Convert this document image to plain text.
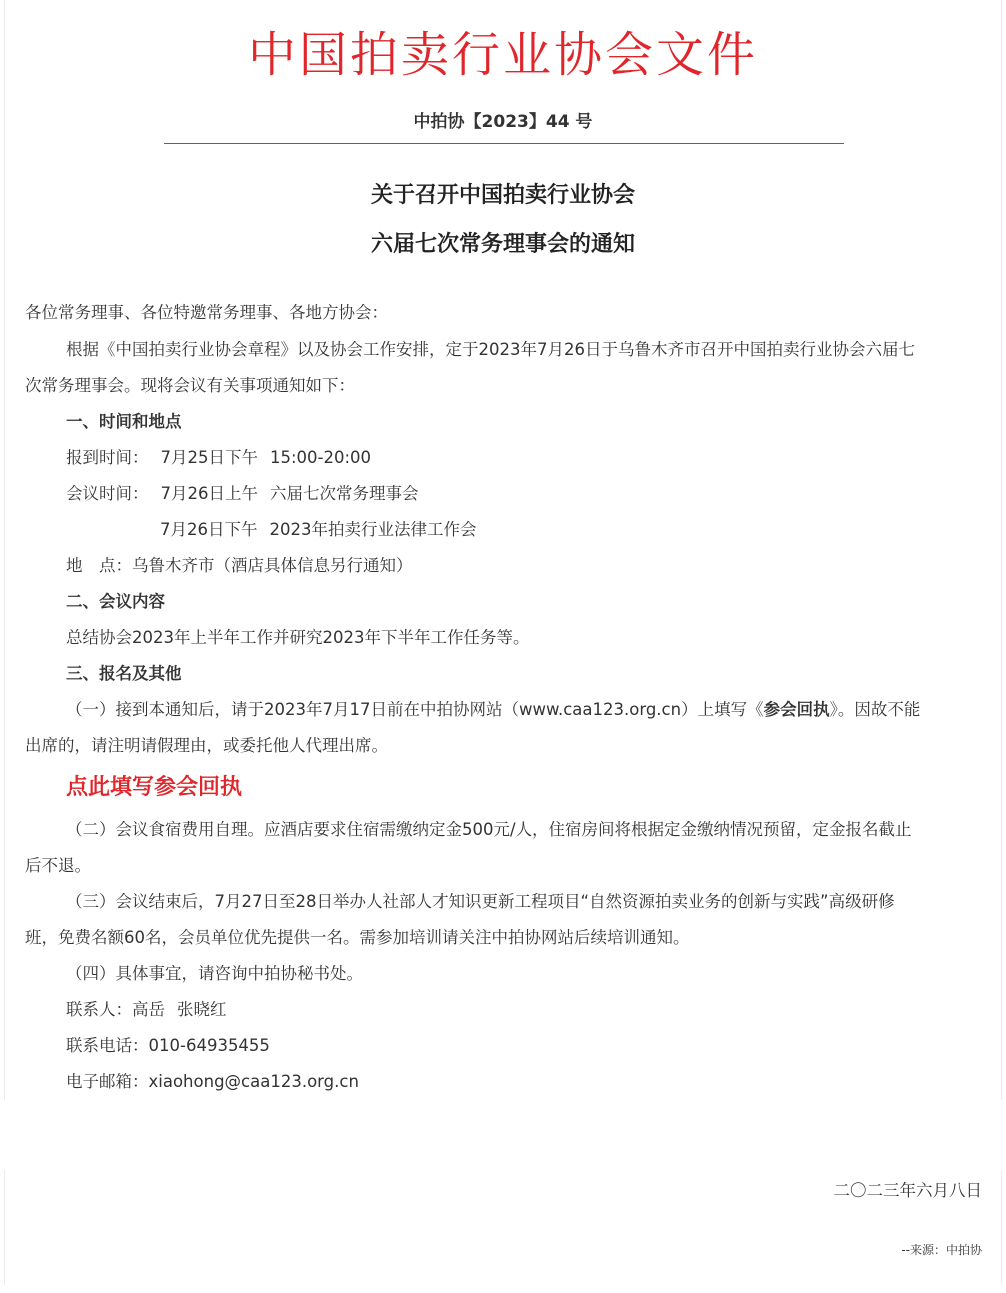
中国拍卖行业协会文件
中拍协【2023】44 号
关于召开中国拍卖行业协会
六届七次常务理事会的通知
各位常务理事、各位特邀常务理事、各地方协会：
根据《中国拍卖行业协会章程》以及协会工作安排，定于2023年7月26日于乌鲁木齐市召开中国拍卖行业协会六届七
次常务理事会。现将会议有关事项通知如下：
一、时间和地点
报到时间： 7月25日下午 15:00-20:00
会议时间： 7月26日上午 六届七次常务理事会
7月26日下午 2023年拍卖行业法律工作会
地　点：乌鲁木齐市（酒店具体信息另行通知）
二、会议内容
总结协会2023年上半年工作并研究2023年下半年工作任务等。
三、报名及其他
（一）接到本通知后，请于2023年7月17日前在中拍协网站（www.caa123.org.cn）上填写《参会回执》。因故不能
出席的，请注明请假理由，或委托他人代理出席。
点此填写参会回执
（二）会议食宿费用自理。应酒店要求住宿需缴纳定金500元/人，住宿房间将根据定金缴纳情况预留，定金报名截止
后不退。
（三）会议结束后，7月27日至28日举办人社部人才知识更新工程项目“自然资源拍卖业务的创新与实践”高级研修
班，免费名额60名，会员单位优先提供一名。需参加培训请关注中拍协网站后续培训通知。
（四）具体事宜，请咨询中拍协秘书处。
联系人：高岳 张晓红
联系电话：010-64935455
电子邮箱：xiaohong@caa123.org.cn
二〇二三年六月八日
--来源：中拍协
